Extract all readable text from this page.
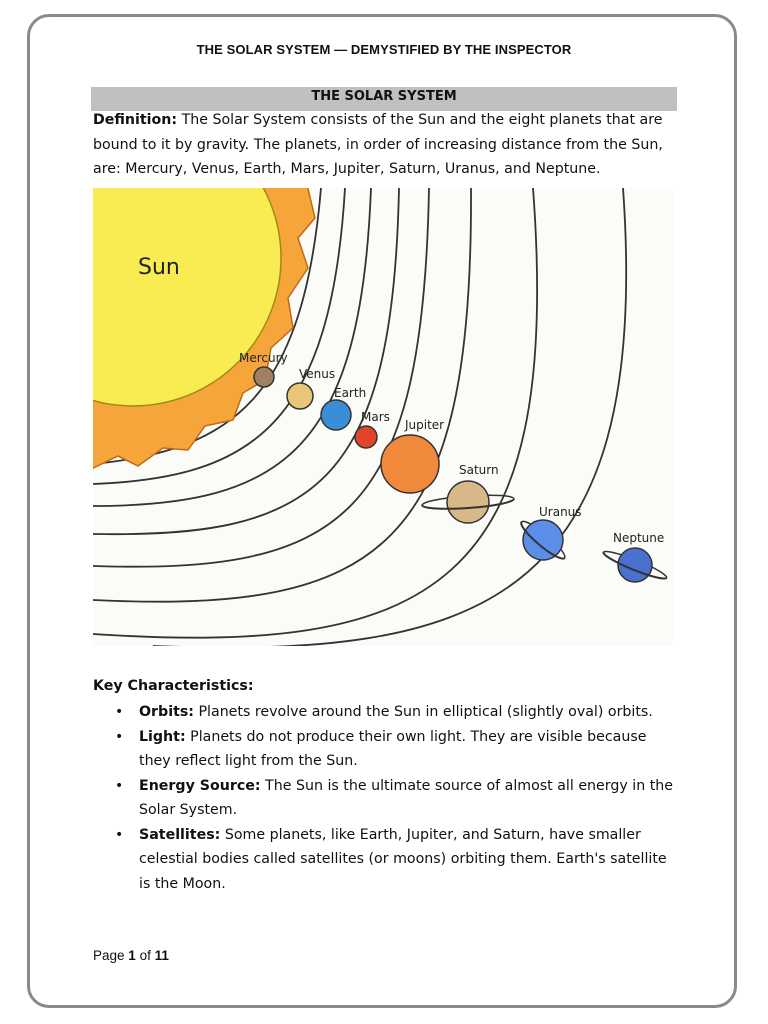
THE SOLAR SYSTEM — DEMYSTIFIED BY THE INSPECTOR
THE SOLAR SYSTEM
Definition: The Solar System consists of the Sun and the eight planets that are bound to it by gravity. The planets, in order of increasing distance from the Sun, are: Mercury, Venus, Earth, Mars, Jupiter, Saturn, Uranus, and Neptune.
Sun
Mercury
Venus
Earth
Mars
Jupiter
Saturn
Uranus
Neptune
Key Characteristics:
• Orbits: Planets revolve around the Sun in elliptical (slightly oval) orbits.
• Light: Planets do not produce their own light. They are visible because they reflect light from the Sun.
• Energy Source: The Sun is the ultimate source of almost all energy in the Solar System.
• Satellites: Some planets, like Earth, Jupiter, and Saturn, have smaller celestial bodies called satellites (or moons) orbiting them. Earth's satellite is the Moon.
Page 1 of 11
